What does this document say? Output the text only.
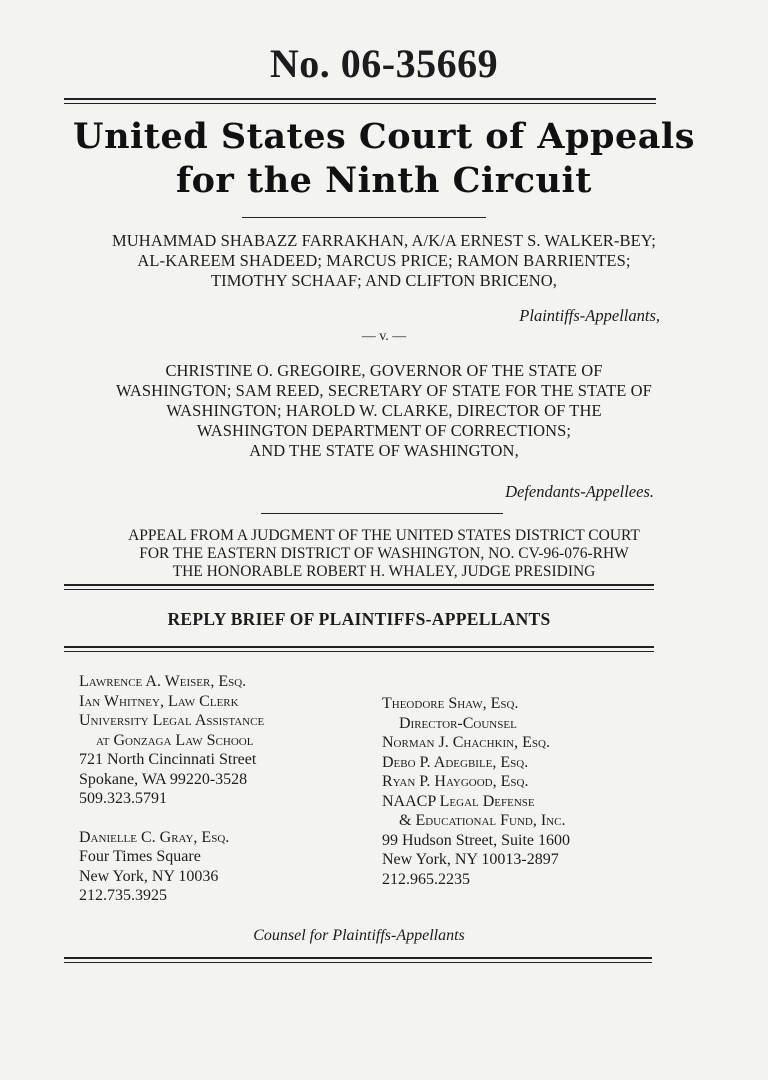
No. 06-35669
United States Court of Appeals
for the Ninth Circuit
MUHAMMAD SHABAZZ FARRAKHAN, A/K/A ERNEST S. WALKER-BEY;
AL-KAREEM SHADEED; MARCUS PRICE; RAMON BARRIENTES;
TIMOTHY SCHAAF; AND CLIFTON BRICENO,
Plaintiffs-Appellants,
— v. —
CHRISTINE O. GREGOIRE, GOVERNOR OF THE STATE OF
WASHINGTON; SAM REED, SECRETARY OF STATE FOR THE STATE OF
WASHINGTON; HAROLD W. CLARKE, DIRECTOR OF THE
WASHINGTON DEPARTMENT OF CORRECTIONS;
AND THE STATE OF WASHINGTON,
Defendants-Appellees.
APPEAL FROM A JUDGMENT OF THE UNITED STATES DISTRICT COURT
FOR THE EASTERN DISTRICT OF WASHINGTON, NO. CV-96-076-RHW
THE HONORABLE ROBERT H. WHALEY, JUDGE PRESIDING
REPLY BRIEF OF PLAINTIFFS-APPELLANTS
Lawrence A. Weiser, Esq.
Ian Whitney, Law Clerk
University Legal Assistance
at Gonzaga Law School
721 North Cincinnati Street
Spokane, WA 99220-3528
509.323.5791
Danielle C. Gray, Esq.
Four Times Square
New York, NY 10036
212.735.3925
Theodore Shaw, Esq.
Director-Counsel
Norman J. Chachkin, Esq.
Debo P. Adegbile, Esq.
Ryan P. Haygood, Esq.
NAACP Legal Defense
& Educational Fund, Inc.
99 Hudson Street, Suite 1600
New York, NY 10013-2897
212.965.2235
Counsel for Plaintiffs-Appellants
